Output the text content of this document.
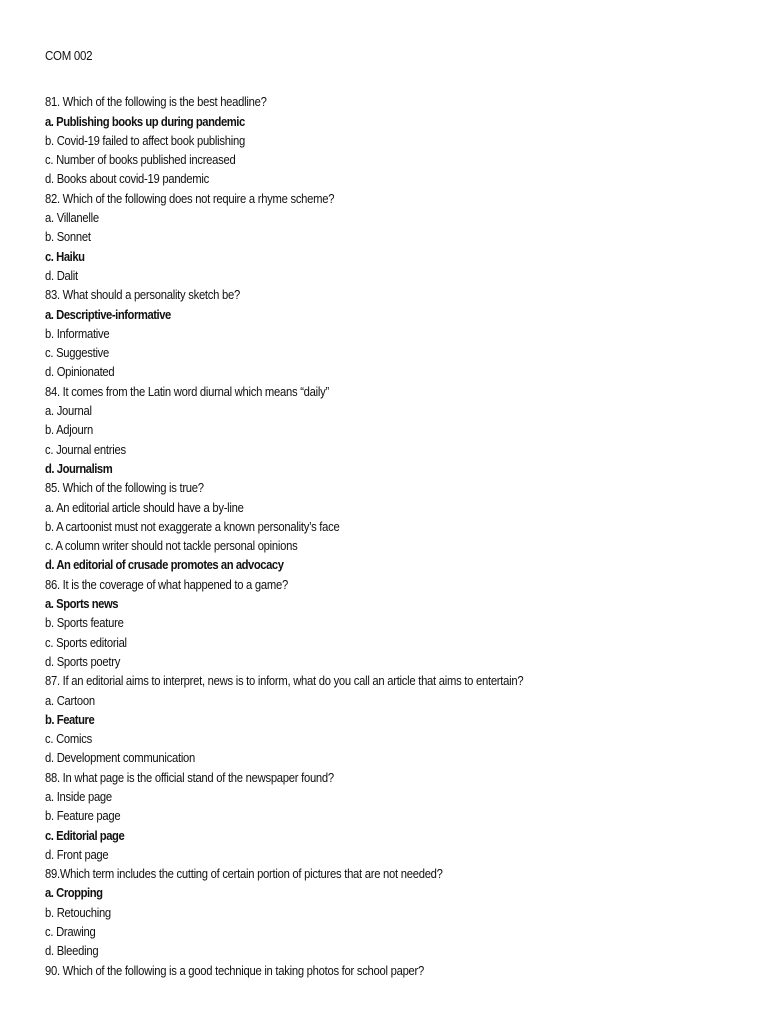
COM 002
81. Which of the following is the best headline?
a. Publishing books up during pandemic
b. Covid-19 failed to affect book publishing
c. Number of books published increased
d. Books about covid-19 pandemic
82. Which of the following does not require a rhyme scheme?
a. Villanelle
b. Sonnet
c. Haiku
d. Dalit
83. What should a personality sketch be?
a. Descriptive-informative
b. Informative
c. Suggestive
d. Opinionated
84. It comes from the Latin word diurnal which means “daily”
a. Journal
b. Adjourn
c. Journal entries
d. Journalism
85. Which of the following is true?
a. An editorial article should have a by-line
b. A cartoonist must not exaggerate a known personality’s face
c. A column writer should not tackle personal opinions
d. An editorial of crusade promotes an advocacy
86. It is the coverage of what happened to a game?
a. Sports news
b. Sports feature
c. Sports editorial
d. Sports poetry
87. If an editorial aims to interpret, news is to inform, what do you call an article that aims to entertain?
a. Cartoon
b. Feature
c. Comics
d. Development communication
88. In what page is the official stand of the newspaper found?
a. Inside page
b. Feature page
c. Editorial page
d. Front page
89.Which term includes the cutting of certain portion of pictures that are not needed?
a. Cropping
b. Retouching
c. Drawing
d. Bleeding
90. Which of the following is a good technique in taking photos for school paper?
